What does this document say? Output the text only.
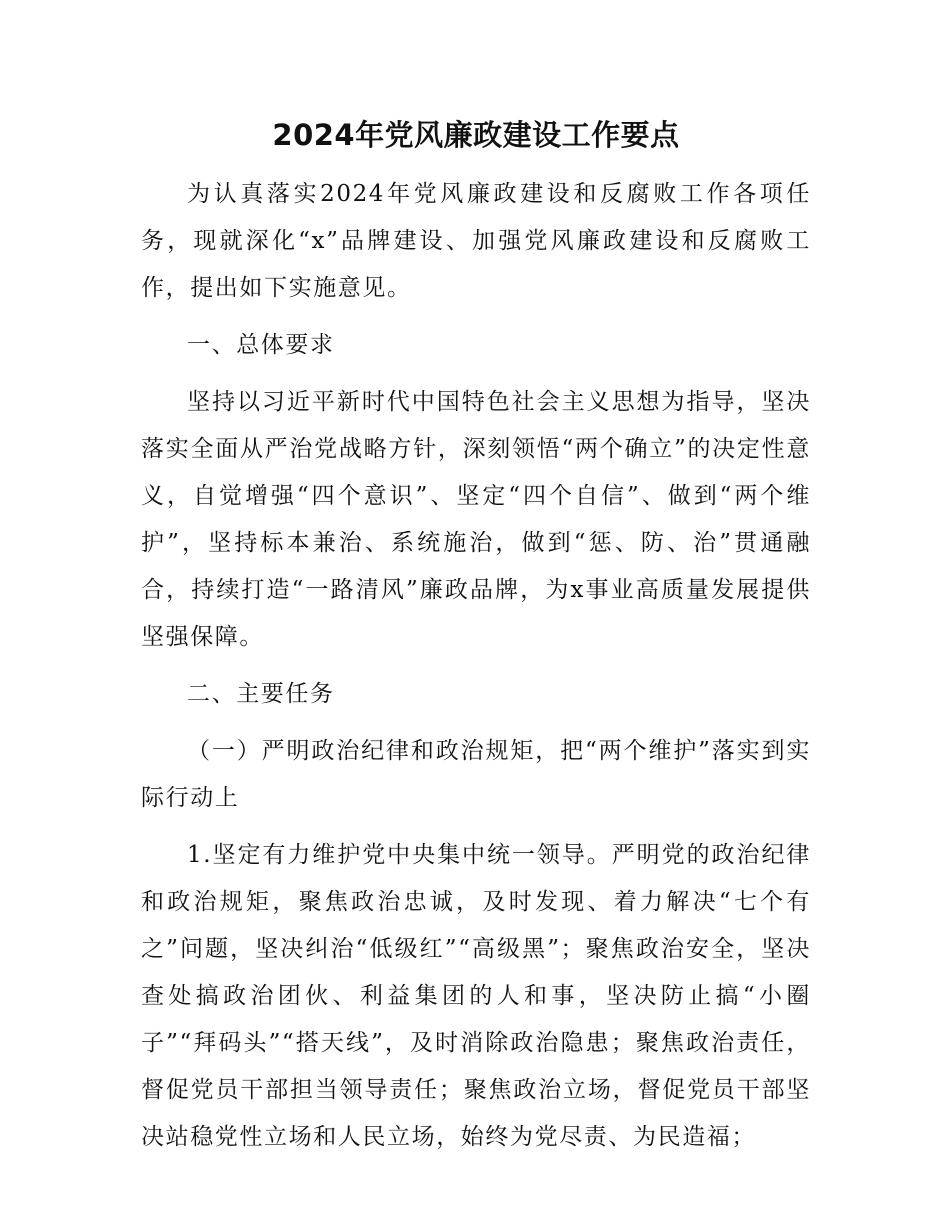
2024年党风廉政建设工作要点

为认真落实2024年党风廉政建设和反腐败工作各项任务，现就深化“x”品牌建设、加强党风廉政建设和反腐败工作，提出如下实施意见。

一、总体要求

坚持以习近平新时代中国特色社会主义思想为指导，坚决落实全面从严治党战略方针，深刻领悟“两个确立”的决定性意义，自觉增强“四个意识”、坚定“四个自信”、做到“两个维护”，坚持标本兼治、系统施治，做到“惩、防、治”贯通融合，持续打造“一路清风”廉政品牌，为x事业高质量发展提供坚强保障。

二、主要任务

（一）严明政治纪律和政治规矩，把“两个维护”落实到实际行动上

1.坚定有力维护党中央集中统一领导。严明党的政治纪律和政治规矩，聚焦政治忠诚，及时发现、着力解决“七个有之”问题，坚决纠治“低级红”“高级黑”；聚焦政治安全，坚决查处搞政治团伙、利益集团的人和事，坚决防止搞“小圈子”“拜码头”“搭天线”，及时消除政治隐患；聚焦政治责任，督促党员干部担当领导责任；聚焦政治立场，督促党员干部坚决站稳党性立场和人民立场，始终为党尽责、为民造福；
